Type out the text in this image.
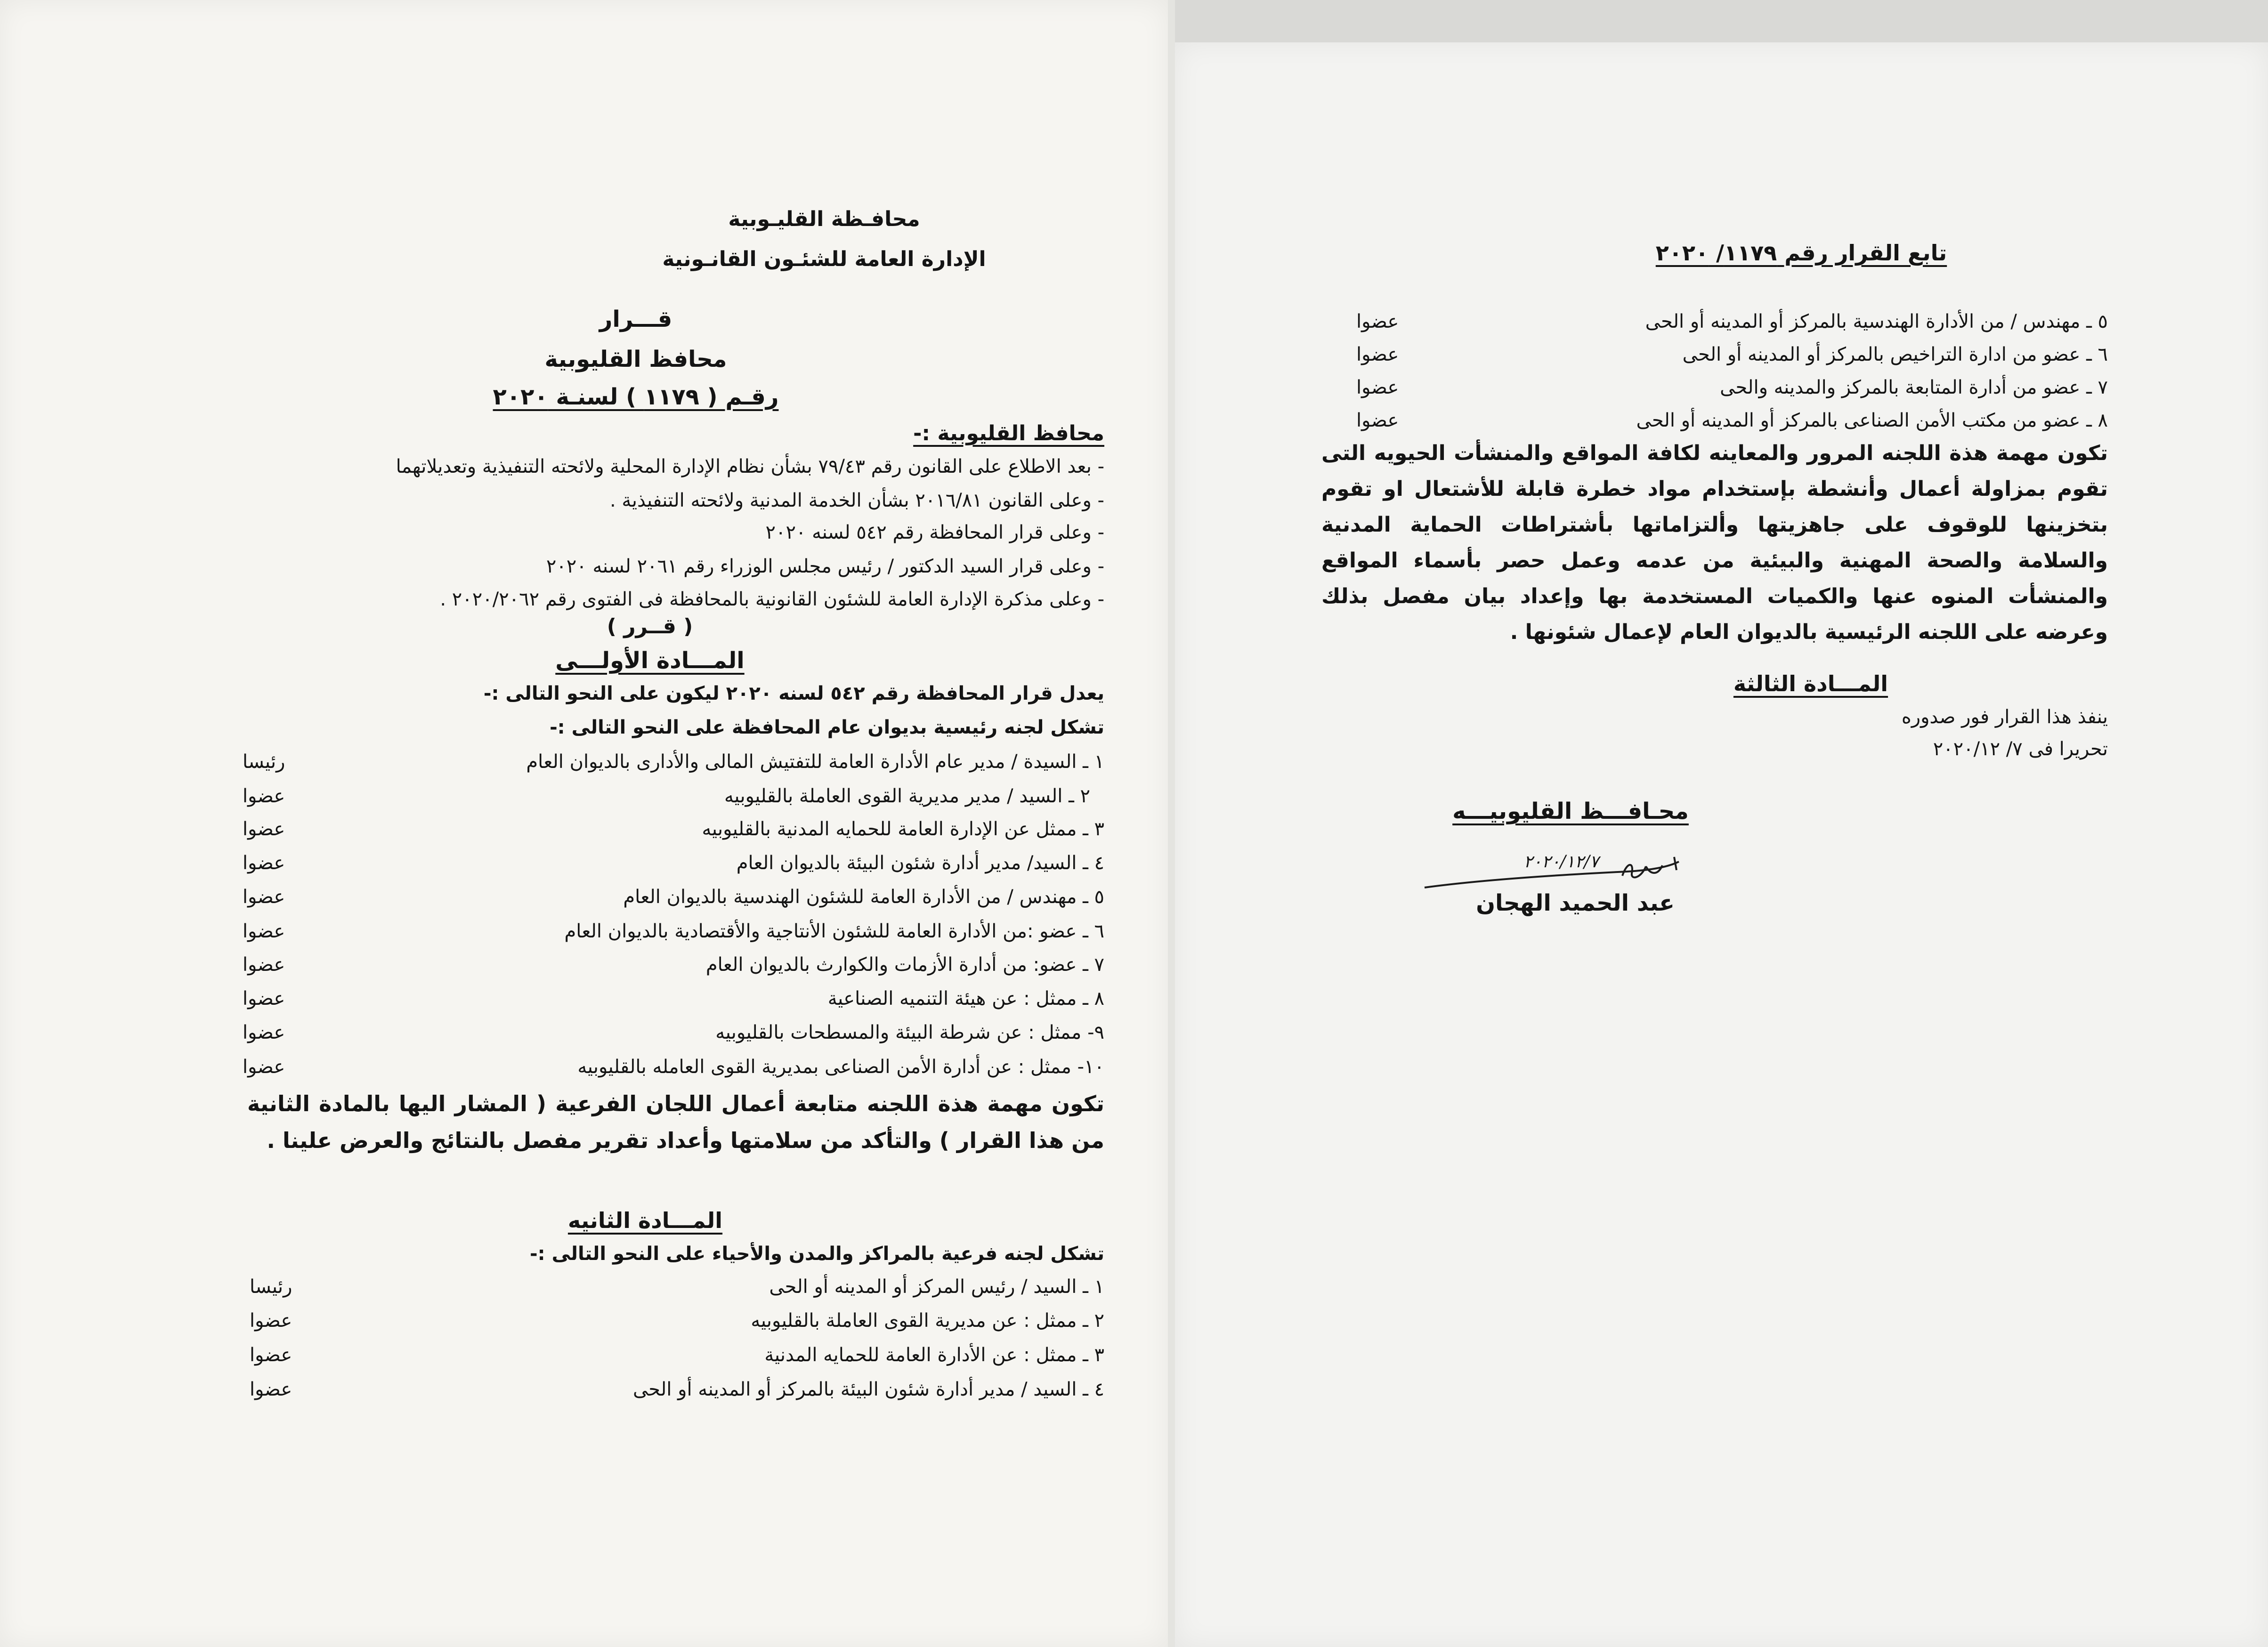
محافـظة القليـوبية
الإدارة العامة للشئـون القانـونية
قـــرار
محافظ القليوبية
رقـم ( ١١٧٩ ) لسنـة ٢٠٢٠
محافظ القليوبية :-
- بعد الاطلاع على القانون رقم ٧٩/٤٣ بشأن نظام الإدارة المحلية ولائحته التنفيذية وتعديلاتهما
- وعلى القانون ٢٠١٦/٨١ بشأن الخدمة المدنية ولائحته التنفيذية .
- وعلى قرار المحافظة رقم ٥٤٢ لسنه ٢٠٢٠
- وعلى قرار السيد الدكتور / رئيس مجلس الوزراء رقم ٢٠٦١ لسنه ٢٠٢٠
- وعلى مذكرة الإدارة العامة للشئون القانونية بالمحافظة فى الفتوى رقم ٢٠٢٠/٢٠٦٢ .
( قــرر )
المـــادة الأولـــى
يعدل قرار المحافظة رقم ٥٤٢ لسنه ٢٠٢٠ ليكون على النحو التالى :-
تشكل لجنه رئيسية بديوان عام المحافظة على النحو التالى :-
١ ـ السيدة / مدير عام الأدارة العامة للتفتيش المالى والأدارى بالديوان العام
رئيسا
٢ ـ السيد / مدير مديرية القوى العاملة بالقليوبيه
عضوا
٣ ـ ممثل عن الإدارة العامة للحمايه المدنية بالقليوبيه
عضوا
٤ ـ السيد/ مدير أدارة شئون البيئة بالديوان العام
عضوا
٥ ـ مهندس / من الأدارة العامة للشئون الهندسية بالديوان العام
عضوا
٦ ـ عضو :من الأدارة العامة للشئون الأنتاجية والأقتصادية بالديوان العام
عضوا
٧ ـ عضو: من أدارة الأزمات والكوارث بالديوان العام
عضوا
٨ ـ ممثل : عن هيئة التنميه الصناعية
عضوا
٩- ممثل : عن شرطة البيئة والمسطحات بالقليوبيه
عضوا
١٠- ممثل : عن أدارة الأمن الصناعى بمديرية القوى العامله بالقليوبيه
عضوا
تكون مهمة هذة اللجنه متابعة أعمال اللجان الفرعية ( المشار اليها بالمادة الثانية من هذا القرار ) والتأكد من سلامتها وأعداد تقرير مفصل بالنتائج والعرض علينا .
المـــادة الثانيه
تشكل لجنه فرعية بالمراكز والمدن والأحياء على النحو التالى :-
١ ـ السيد / رئيس المركز أو المدينه أو الحى
رئيسا
٢ ـ ممثل : عن مديرية القوى العاملة بالقليوبيه
عضوا
٣ ـ ممثل : عن الأدارة العامة للحمايه المدنية
عضوا
٤ ـ السيد / مدير أدارة شئون البيئة بالمركز أو المدينه أو الحى
عضوا
تابع القرار رقم ١١٧٩/ ٢٠٢٠
٥ ـ مهندس / من الأدارة الهندسية بالمركز أو المدينه أو الحى
عضوا
٦ ـ عضو من ادارة التراخيص بالمركز أو المدينه أو الحى
عضوا
٧ ـ عضو من أدارة المتابعة بالمركز والمدينه والحى
عضوا
٨ ـ عضو من مكتب الأمن الصناعى بالمركز أو المدينه أو الحى
عضوا
تكون مهمة هذة اللجنه المرور والمعاينه لكافة المواقع والمنشأت الحيويه التى تقوم بمزاولة أعمال وأنشطة بإستخدام مواد خطرة قابلة للأشتعال او تقوم بتخزينها للوقوف على جاهزيتها وألتزاماتها بأشتراطات الحماية المدنية والسلامة والصحة المهنية والبيئية من عدمه وعمل حصر بأسماء المواقع والمنشأت المنوه عنها والكميات المستخدمة بها وإعداد بيان مفصل بذلك وعرضه على اللجنه الرئيسية بالديوان العام لإعمال شئونها .
المـــادة الثالثة
ينفذ هذا القرار فور صدوره
تحريرا فى ٧/ ٢٠٢٠/١٢
محـافـــظ القليوبيـــه
٢٠٢٠/١٢/٧
عبد الحميد الهجان
